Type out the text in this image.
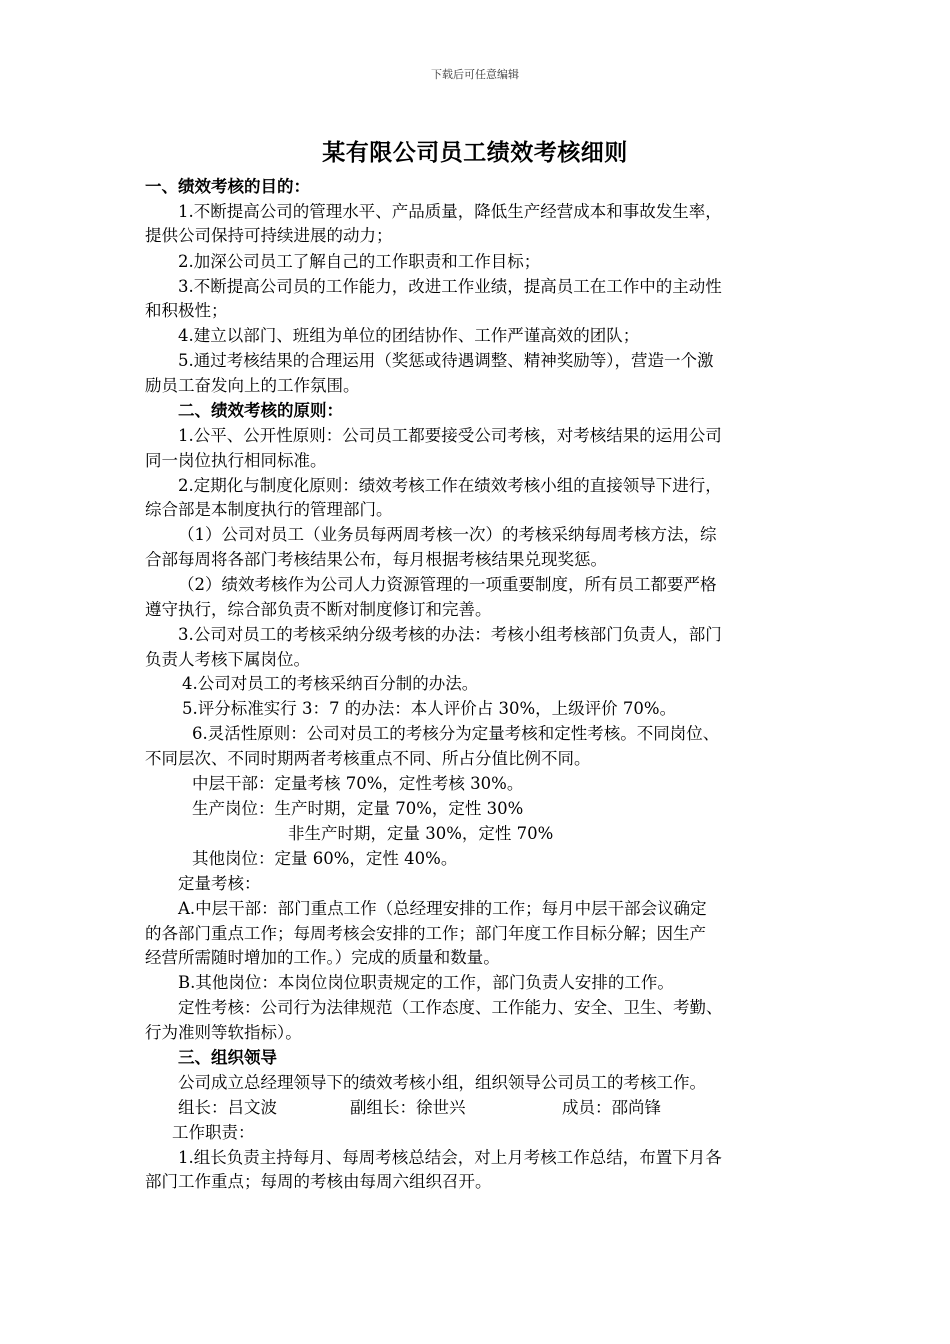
下载后可任意编辑
某有限公司员工绩效考核细则
一、绩效考核的目的：
1.不断提高公司的管理水平、产品质量，降低生产经营成本和事故发生率，
提供公司保持可持续进展的动力；
2.加深公司员工了解自己的工作职责和工作目标；
3.不断提高公司员的工作能力，改进工作业绩，提高员工在工作中的主动性
和积极性；
4.建立以部门、班组为单位的团结协作、工作严谨高效的团队；
5.通过考核结果的合理运用（奖惩或待遇调整、精神奖励等），营造一个激
励员工奋发向上的工作氛围。
二、绩效考核的原则：
1.公平、公开性原则：公司员工都要接受公司考核，对考核结果的运用公司
同一岗位执行相同标准。
2.定期化与制度化原则：绩效考核工作在绩效考核小组的直接领导下进行，
综合部是本制度执行的管理部门。
（1）公司对员工（业务员每两周考核一次）的考核采纳每周考核方法，综
合部每周将各部门考核结果公布，每月根据考核结果兑现奖惩。
（2）绩效考核作为公司人力资源管理的一项重要制度，所有员工都要严格
遵守执行，综合部负责不断对制度修订和完善。
3.公司对员工的考核采纳分级考核的办法：考核小组考核部门负责人，部门
负责人考核下属岗位。
4.公司对员工的考核采纳百分制的办法。
5.评分标准实行 3：7 的办法：本人评价占 30%，上级评价 70%。
6.灵活性原则：公司对员工的考核分为定量考核和定性考核。不同岗位、
不同层次、不同时期两者考核重点不同、所占分值比例不同。
中层干部：定量考核 70%，定性考核 30%。
生产岗位：生产时期，定量 70%，定性 30%
非生产时期，定量 30%，定性 70%
其他岗位：定量 60%，定性 40%。
定量考核：
A.中层干部：部门重点工作（总经理安排的工作；每月中层干部会议确定
的各部门重点工作；每周考核会安排的工作；部门年度工作目标分解；因生产
经营所需随时增加的工作。）完成的质量和数量。
B.其他岗位：本岗位岗位职责规定的工作，部门负责人安排的工作。
定性考核：公司行为法律规范（工作态度、工作能力、安全、卫生、考勤、
行为准则等软指标）。
三、组织领导
公司成立总经理领导下的绩效考核小组，组织领导公司员工的考核工作。
组长：吕文波	副组长：徐世兴	成员：邵尚锋
工作职责：
1.组长负责主持每月、每周考核总结会，对上月考核工作总结，布置下月各
部门工作重点；每周的考核由每周六组织召开。
